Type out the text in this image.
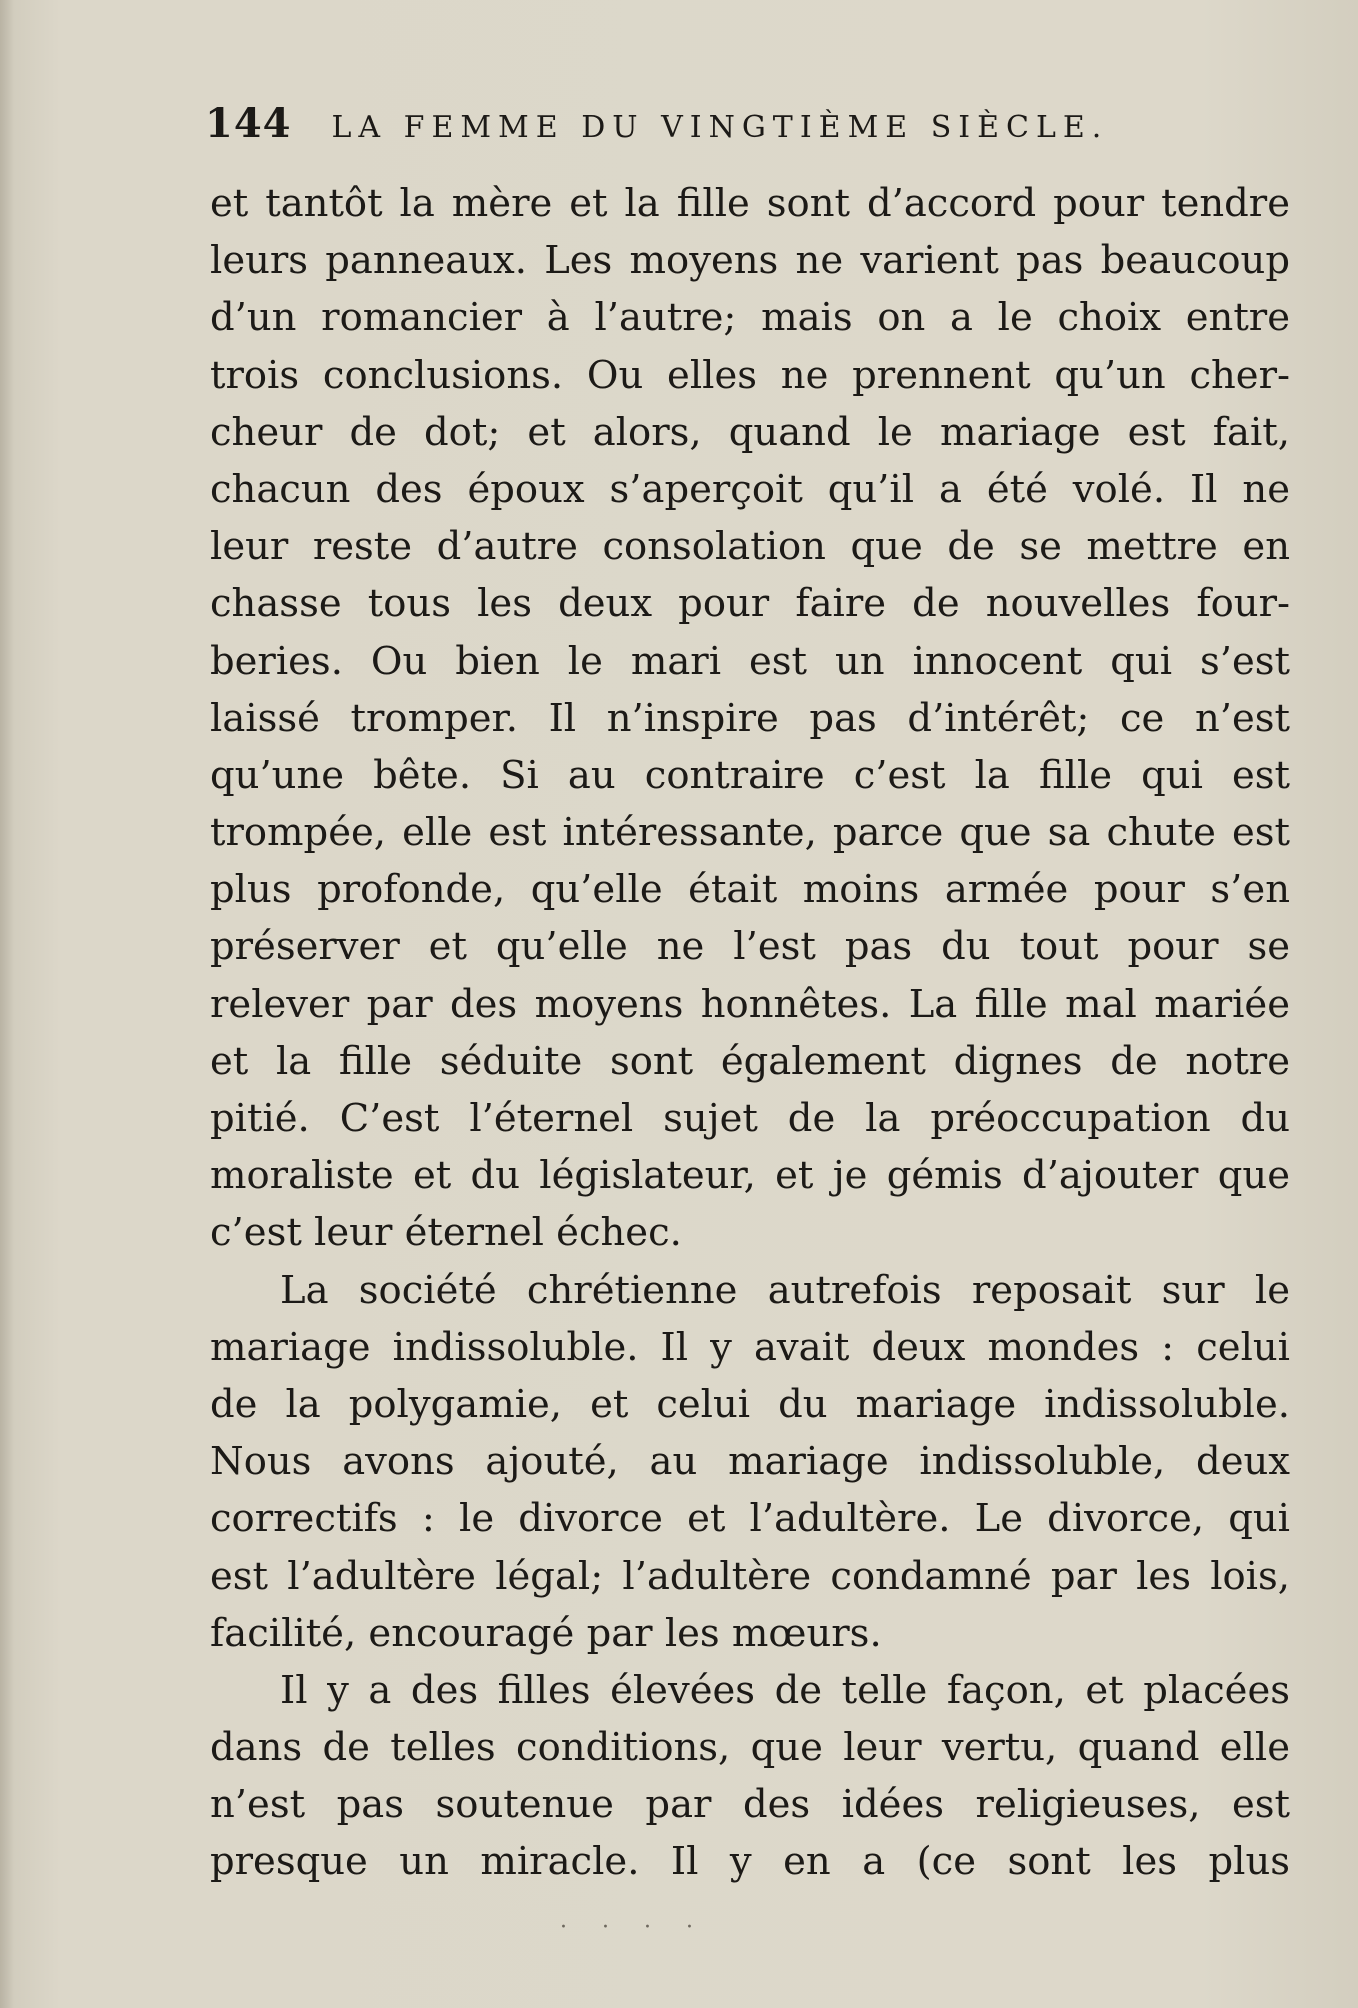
144 LA FEMME DU VINGTIÈME SIÈCLE.
et tantôt la mère et la fille sont d’accord pour tendre
leurs panneaux. Les moyens ne varient pas beaucoup
d’un romancier à l’autre; mais on a le choix entre
trois conclusions. Ou elles ne prennent qu’un cher-
cheur de dot; et alors, quand le mariage est fait,
chacun des époux s’aperçoit qu’il a été volé. Il ne
leur reste d’autre consolation que de se mettre en
chasse tous les deux pour faire de nouvelles four-
beries. Ou bien le mari est un innocent qui s’est
laissé tromper. Il n’inspire pas d’intérêt; ce n’est
qu’une bête. Si au contraire c’est la fille qui est
trompée, elle est intéressante, parce que sa chute est
plus profonde, qu’elle était moins armée pour s’en
préserver et qu’elle ne l’est pas du tout pour se
relever par des moyens honnêtes. La fille mal mariée
et la fille séduite sont également dignes de notre
pitié. C’est l’éternel sujet de la préoccupation du
moraliste et du législateur, et je gémis d’ajouter que
c’est leur éternel échec.
La société chrétienne autrefois reposait sur le
mariage indissoluble. Il y avait deux mondes : celui
de la polygamie, et celui du mariage indissoluble.
Nous avons ajouté, au mariage indissoluble, deux
correctifs : le divorce et l’adultère. Le divorce, qui
est l’adultère légal; l’adultère condamné par les lois,
facilité, encouragé par les mœurs.
Il y a des filles élevées de telle façon, et placées
dans de telles conditions, que leur vertu, quand elle
n’est pas soutenue par des idées religieuses, est
presque un miracle. Il y en a (ce sont les plus
· · · ·
